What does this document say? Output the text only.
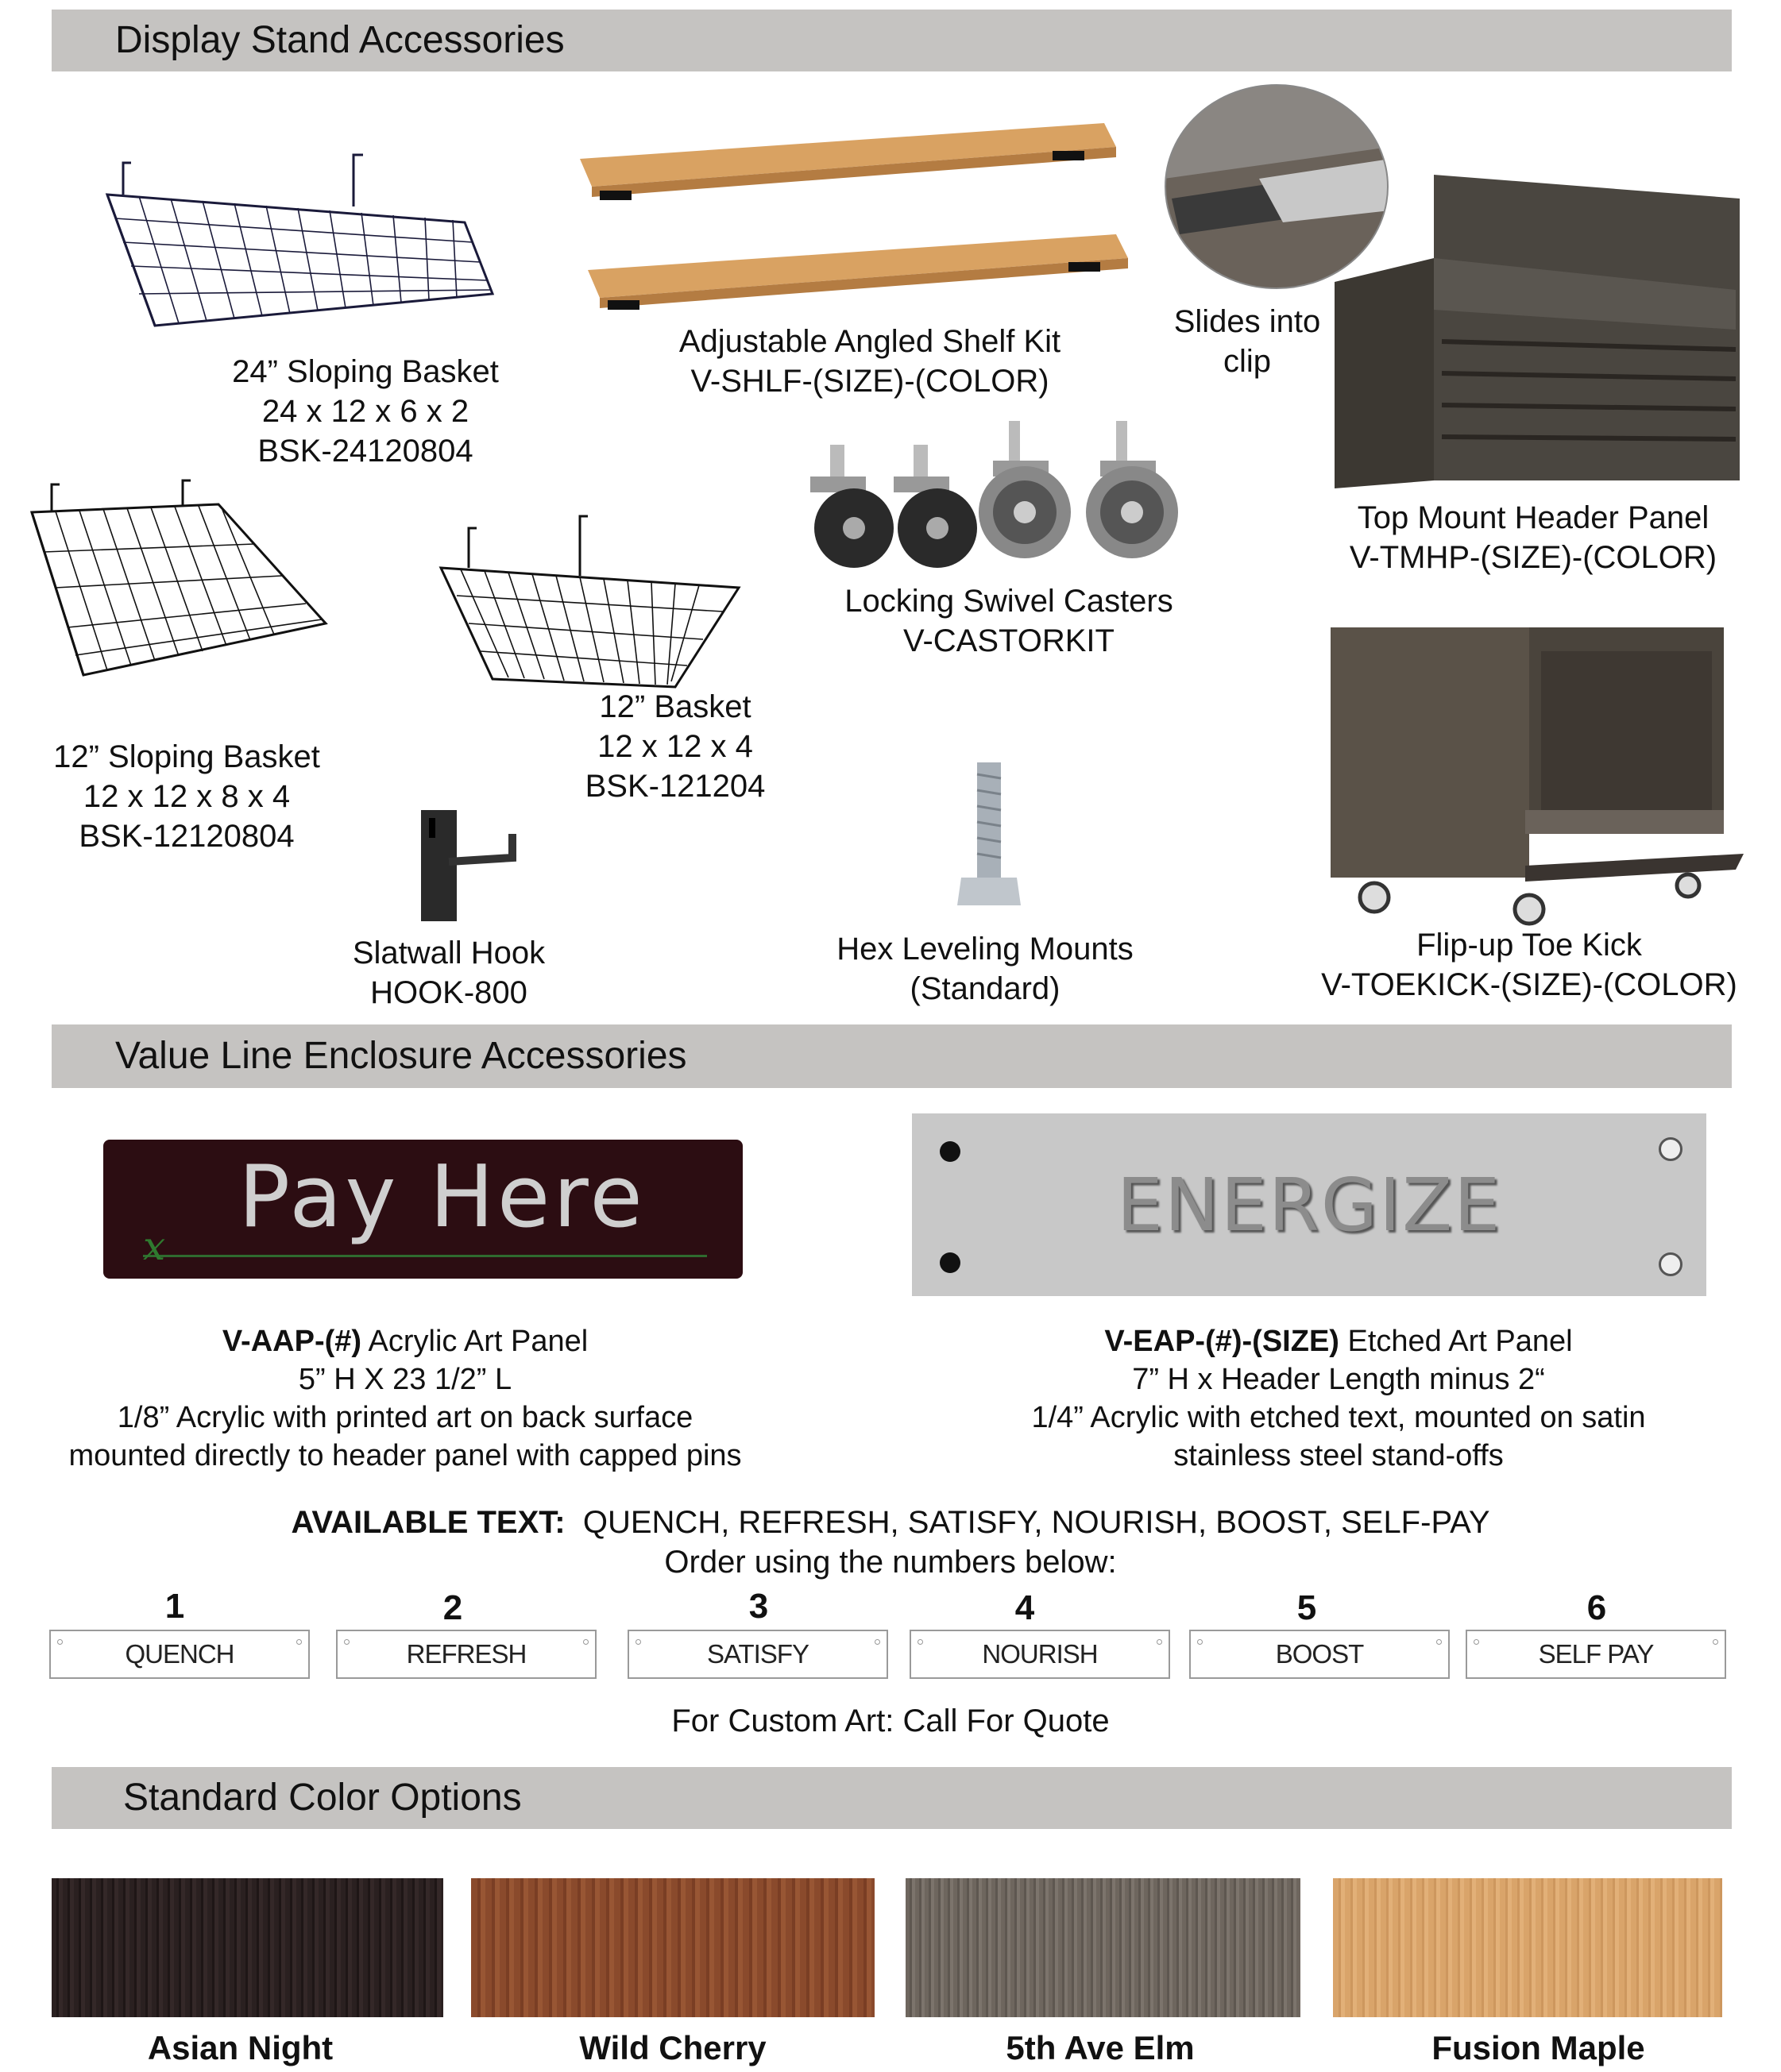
Display Stand Accessories
24” Sloping Basket
24 x 12 x 6 x 2
BSK-24120804
Adjustable Angled Shelf Kit
V-SHLF-(SIZE)-(COLOR)
Slides into
clip
Top Mount Header Panel
V-TMHP-(SIZE)-(COLOR)
12” Sloping Basket
12 x 12 x 8 x 4
BSK-12120804
12” Basket
12 x 12 x 4
BSK-121204
Locking Swivel Casters
V-CASTORKIT
Slatwall Hook
HOOK-800
Hex Leveling Mounts
(Standard)
Flip-up Toe Kick
V-TOEKICK-(SIZE)-(COLOR)
Value Line Enclosure Accessories
Pay Here
x	ENERGIZE
V-AAP-(#) Acrylic Art Panel
5” H X 23 1/2” L
1/8” Acrylic with printed art on back surface
mounted directly to header panel with capped pins
V-EAP-(#)-(SIZE) Etched Art Panel
7” H x Header Length minus 2“
1/4” Acrylic with etched text, mounted on satin
stainless steel stand-offs
AVAILABLE TEXT: QUENCH, REFRESH, SATISFY, NOURISH, BOOST, SELF-PAY
Order using the numbers below:
1	2	3	4	5	6
QUENCH	REFRESH	SATISFY	NOURISH	BOOST	SELF PAY
For Custom Art: Call For Quote
Standard Color Options
Asian Night	Wild Cherry	5th Ave Elm	Fusion Maple
